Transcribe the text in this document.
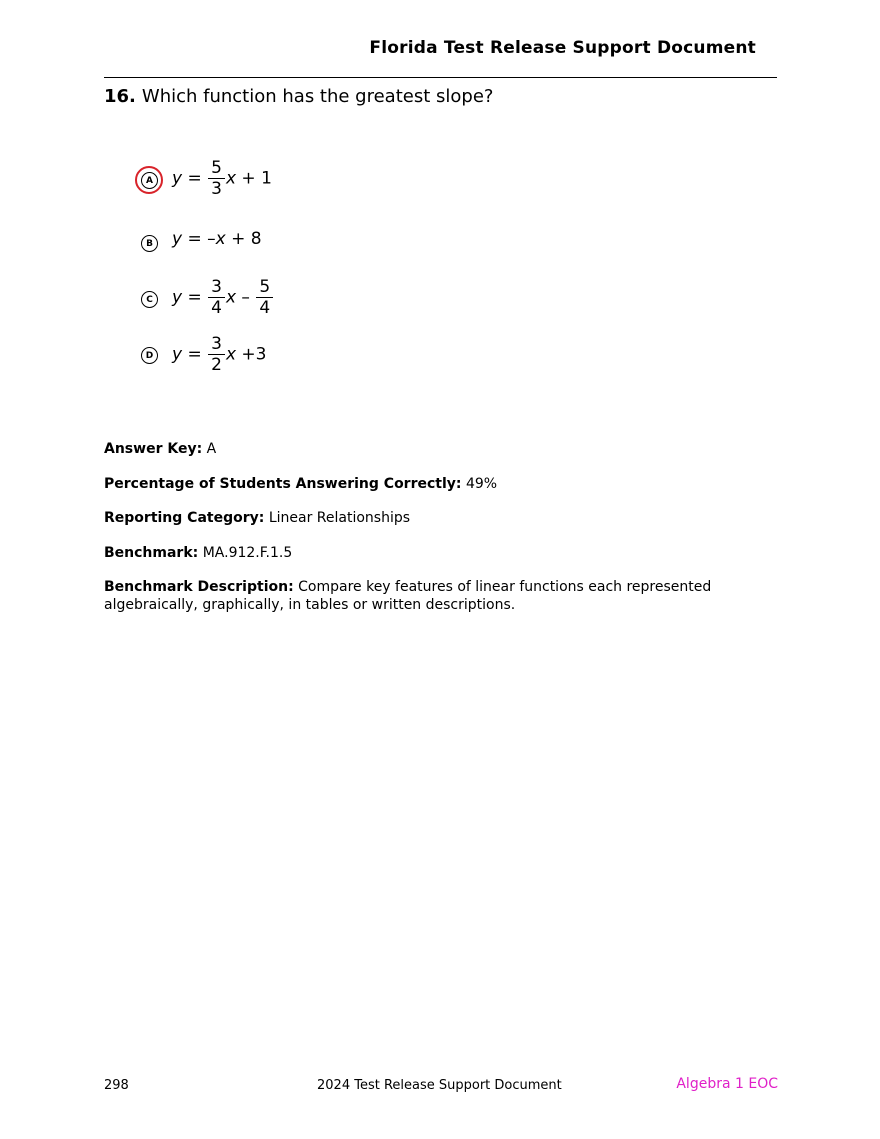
Florida Test Release Support Document
16. Which function has the greatest slope?
A $y = \frac{5}{3}$ x + 1
B y = –x + 8
C	$y = \frac{3}{4}$ x – $\frac{5}{4}$
D $y = \frac{3}{2}$ x +3
Answer Key: A
Percentage of Students Answering Correctly: 49%
Reporting Category: Linear Relationships
Benchmark: MA.912.F.1.5
Benchmark Description: Compare key features of linear functions each represented algebraically, graphically, in tables or written descriptions.
298	2024 Test Release Support Document	Algebra 1 EOC
